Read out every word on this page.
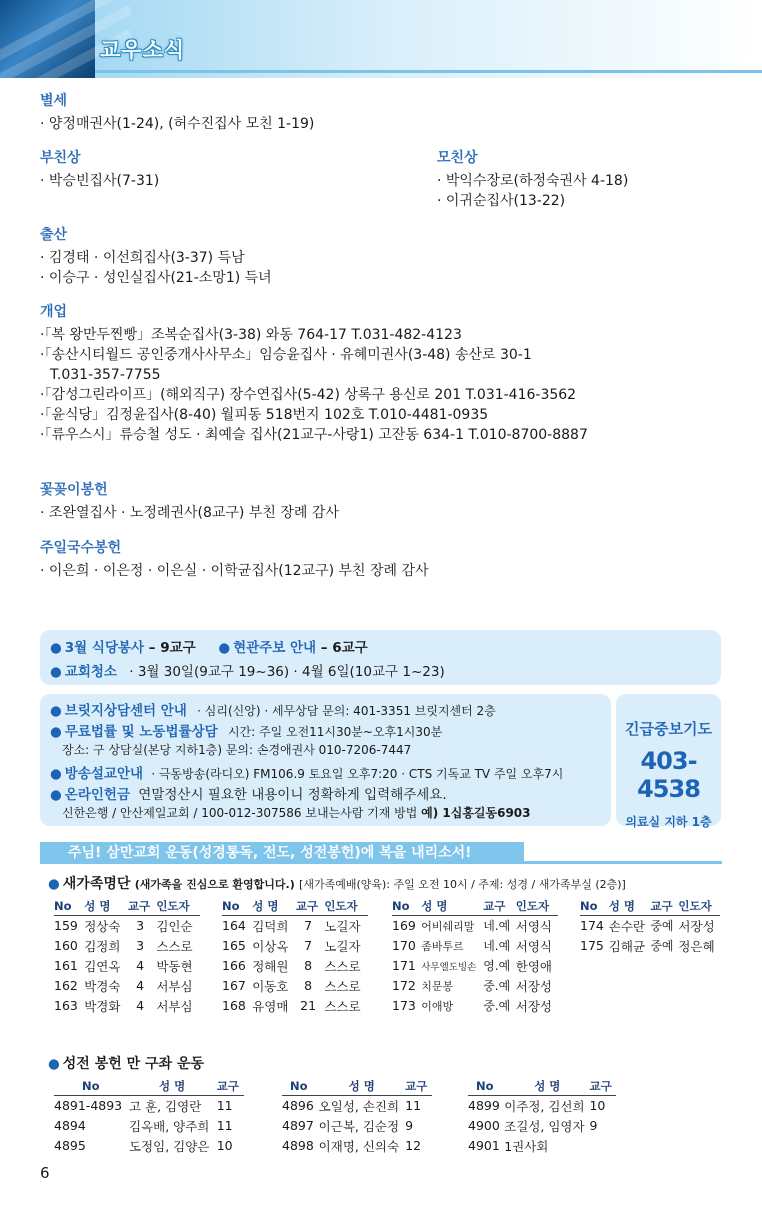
교우소식
별세
· 양정매권사(1-24), (허수진집사 모친 1-19)
부친상
· 박승빈집사(7-31)
모친상
· 박익수장로(하정숙권사 4-18)
· 이귀순집사(13-22)
출산
· 김경태 · 이선희집사(3-37) 득남
· 이승구 · 성인실집사(21-소망1) 득녀
개업
·「복 왕만두찐빵」조복순집사(3-38) 와동 764-17 T.031-482-4123
·「송산시티월드 공인중개사사무소」임승윤집사 · 유혜미권사(3-48) 송산로 30-1
T.031-357-7755
·「감성그린라이프」(해외직구) 장수연집사(5-42) 상록구 용신로 201 T.031-416-3562
·「윤식당」김정윤집사(8-40) 월피동 518번지 102호 T.010-4481-0935
·「류우스시」류승철 성도 · 최예슬 집사(21교구-사랑1) 고잔동 634-1 T.010-8700-8887
꽃꽂이봉헌
· 조완열집사 · 노정례권사(8교구) 부친 장례 감사
주일국수봉헌
· 이은희 · 이은정 · 이은실 · 이학균집사(12교구) 부친 장례 감사
● 3월 식당봉사 – 9교구 ● 현관주보 안내 – 6교구
● 교회청소 · 3월 30일(9교구 19~36) · 4월 6일(10교구 1~23)
● 브릿지상담센터 안내 · 심리(신앙) · 세무상담 문의: 401-3351 브릿지센터 2층
● 무료법률 및 노동법률상담 시간: 주일 오전11시30분~오후1시30분
장소: 구 상담실(본당 지하1층) 문의: 손경애권사 010-7206-7447
● 방송설교안내 · 극동방송(라디오) FM106.9 토요일 오후7:20 · CTS 기독교 TV 주일 오후7시
● 온라인헌금 연말정산시 필요한 내용이니 정확하게 입력해주세요.
신한은행 / 안산제일교회 / 100-012-307586 보내는사람 기재 방법 예) 1십홍길동6903
긴급중보기도
403-4538
의료실 지하 1층
주님! 삼만교회 운동(성경통독, 전도, 성전봉헌)에 복을 내리소서!
● 새가족명단 (새가족을 진심으로 환영합니다.) [새가족예배(양육): 주일 오전 10시 / 주제: 성경 / 새가족부실 (2층)]
No	성 명	교구	인도자
159	정상숙	3	김인순
160	김정희	3	스스로
161	김연옥	4	박동현
162	박경숙	4	서부심
163	박경화	4	서부심
No	성 명	교구	인도자
164	김덕희	7	노길자
165	이상옥	7	노길자
166	정해원	8	스스로
167	이동호	8	스스로
168	유영매	21	스스로
No	성 명	교구	인도자
169	어비쉐리말	네.예	서영식
170	좀바투르	네.예	서영식
171	사무엘도빙손	영.예	한영애
172	치문봉	중.예	서장성
173	이애방	중.예	서장성
No	성 명	교구	인도자
174	손수란	중예	서장성
175	김해균	중예	정은혜
● 성전 봉헌 만 구좌 운동
No	성 명	교구
4891-4893	고 훈, 김영란	11
4894	김옥배, 양주희	11
4895	도정임, 김양은	10
No	성 명	교구
4896	오일성, 손진희	11
4897	이근복, 김순정	9
4898	이재명, 신의숙	12
No	성 명	교구
4899	이주정, 김선희	10
4900	조길성, 임영자	9
4901	1권사회	
6
